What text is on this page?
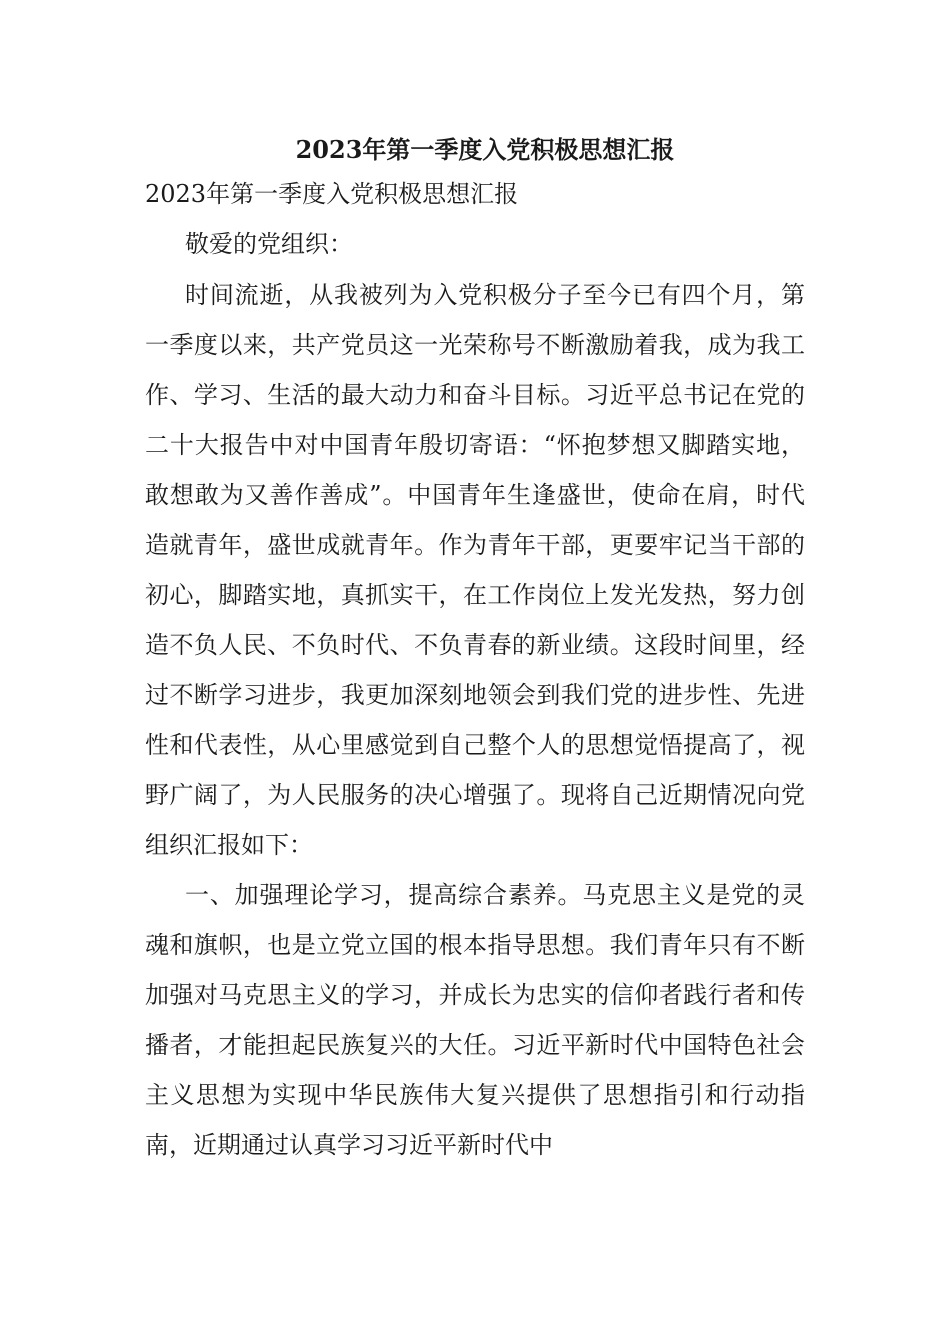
2023年第一季度入党积极思想汇报
2023年第一季度入党积极思想汇报

敬爱的党组织：

时间流逝，从我被列为入党积极分子至今已有四个月，第一季度以来，共产党员这一光荣称号不断激励着我，成为我工作、学习、生活的最大动力和奋斗目标。习近平总书记在党的二十大报告中对中国青年殷切寄语：“怀抱梦想又脚踏实地，敢想敢为又善作善成”。中国青年生逢盛世，使命在肩，时代造就青年，盛世成就青年。作为青年干部，更要牢记当干部的初心，脚踏实地，真抓实干，在工作岗位上发光发热，努力创造不负人民、不负时代、不负青春的新业绩。这段时间里，经过不断学习进步，我更加深刻地领会到我们党的进步性、先进性和代表性，从心里感觉到自己整个人的思想觉悟提高了，视野广阔了，为人民服务的决心增强了。现将自己近期情况向党组织汇报如下：

一、加强理论学习，提高综合素养。马克思主义是党的灵魂和旗帜，也是立党立国的根本指导思想。我们青年只有不断加强对马克思主义的学习，并成长为忠实的信仰者践行者和传播者，才能担起民族复兴的大任。习近平新时代中国特色社会主义思想为实现中华民族伟大复兴提供了思想指引和行动指南，近期通过认真学习习近平新时代中
